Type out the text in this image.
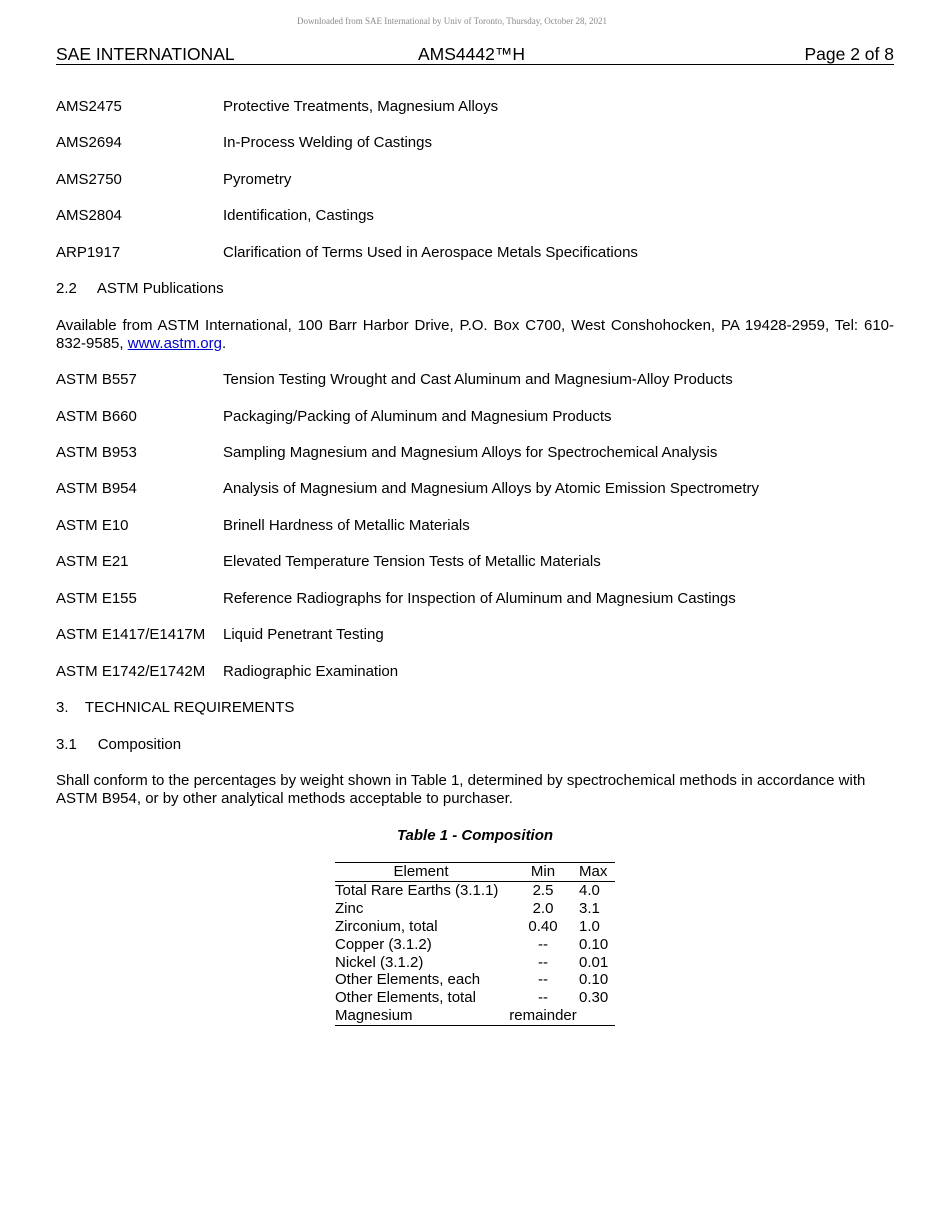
Downloaded from SAE International by Univ of Toronto, Thursday, October 28, 2021
SAE INTERNATIONAL	AMS4442™H	Page 2 of 8
AMS2475	Protective Treatments, Magnesium Alloys
AMS2694	In-Process Welding of Castings
AMS2750	Pyrometry
AMS2804	Identification, Castings
ARP1917	Clarification of Terms Used in Aerospace Metals Specifications
2.2     ASTM Publications
Available from ASTM International, 100 Barr Harbor Drive, P.O. Box C700, West Conshohocken, PA 19428-2959, Tel: 610-832-9585, www.astm.org.
ASTM B557	Tension Testing Wrought and Cast Aluminum and Magnesium-Alloy Products
ASTM B660	Packaging/Packing of Aluminum and Magnesium Products
ASTM B953	Sampling Magnesium and Magnesium Alloys for Spectrochemical Analysis
ASTM B954	Analysis of Magnesium and Magnesium Alloys by Atomic Emission Spectrometry
ASTM E10	Brinell Hardness of Metallic Materials
ASTM E21	Elevated Temperature Tension Tests of Metallic Materials
ASTM E155	Reference Radiographs for Inspection of Aluminum and Magnesium Castings
ASTM E1417/E1417M Liquid Penetrant Testing
ASTM E1742/E1742M Radiographic Examination
3.    TECHNICAL REQUIREMENTS
3.1     Composition
Shall conform to the percentages by weight shown in Table 1, determined by spectrochemical methods in accordance with ASTM B954, or by other analytical methods acceptable to purchaser.
Table 1 - Composition
Element	Min	Max
Total Rare Earths (3.1.1)	2.5	4.0
Zinc	2.0	3.1
Zirconium, total	0.40	1.0
Copper (3.1.2)	--	0.10
Nickel (3.1.2)	--	0.01
Other Elements, each	--	0.10
Other Elements, total	--	0.30
Magnesium	remainder	
